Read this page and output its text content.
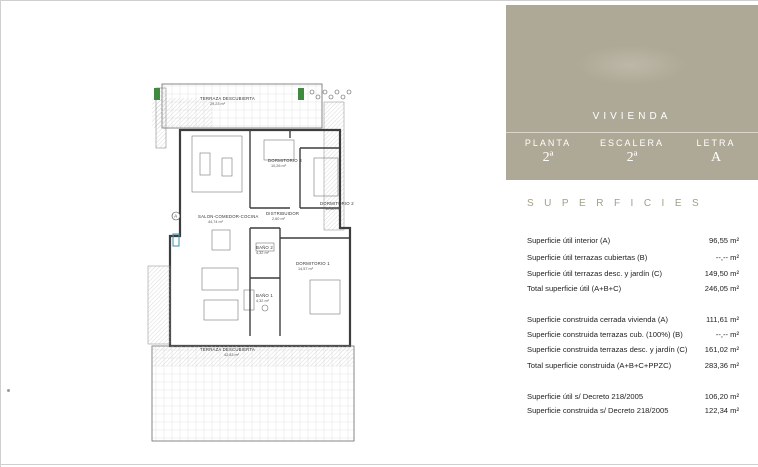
A
TERRAZA DESCUBIERTA
29,23 m²
DORMITORIO 3
10,26 m²
DORMITORIO 2
10,66 m²
DISTRIBUIDOR
2,60 m²
SALON-COMEDOR-COCINA
44,74 m²
BAÑO 2
4,32 m²
DORMITORIO 1
14,57 m²
BAÑO 1
4,32 m²
TERRAZA DESCUBIERTA
42,83 m²
VIVIENDA
PLANTA
2ª
ESCALERA
2ª
LETRA
A
SUPERFICIES
Superficie útil interior (A)	96,55 m²
Superficie útil terrazas cubiertas (B)	--,-- m²
Superficie útil terrazas desc. y jardín (C)	149,50 m²
Total superficie útil (A+B+C)	246,05 m²
Superficie construida cerrada vivienda (A)	111,61 m²
Superficie construida terrazas cub. (100%) (B)	--,-- m²
Superficie construida terrazas desc. y jardín (C) 161,02 m²
Total superficie construida (A+B+C+PPZC)	283,36 m²
Superficie útil s/ Decreto 218/2005	106,20 m²
Superficie construida s/ Decreto 218/2005	122,34 m²
